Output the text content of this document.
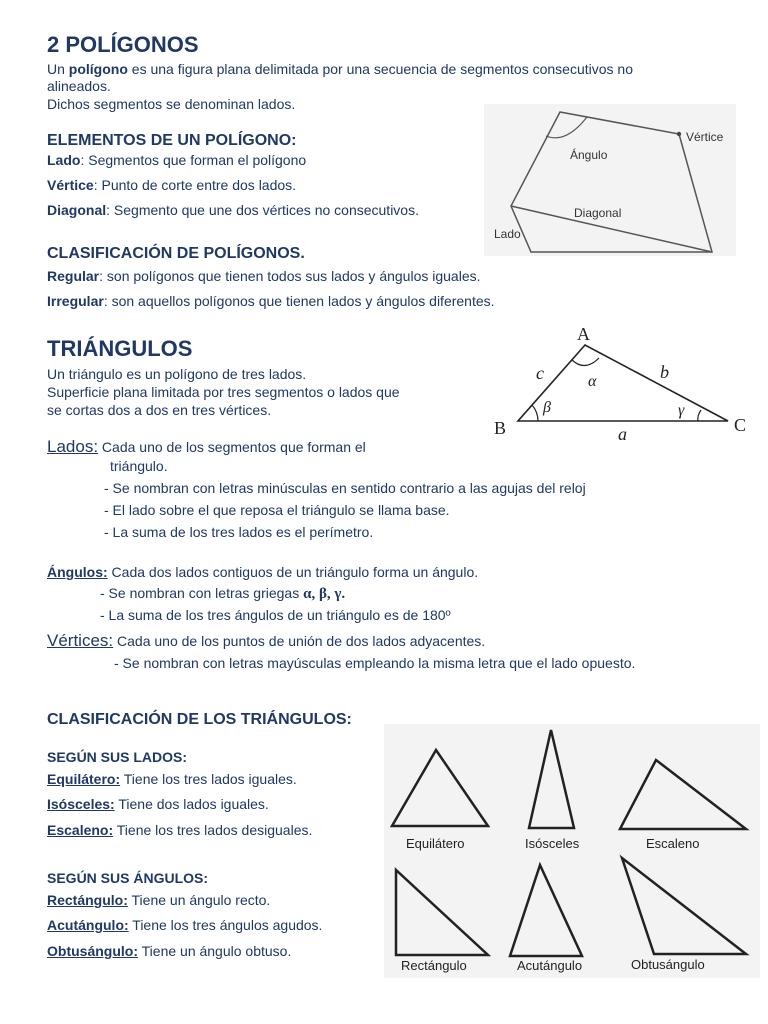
2 POLÍGONOS
Un polígono es una figura plana delimitada por una secuencia de segmentos consecutivos no
alineados.
Dichos segmentos se denominan lados.
ELEMENTOS DE UN POLÍGONO:
Lado: Segmentos que forman el polígono
Vértice: Punto de corte entre dos lados.
Diagonal: Segmento que une dos vértices no consecutivos.
Ángulo
Vértice
Diagonal
Lado
CLASIFICACIÓN DE POLÍGONOS.
Regular: son polígonos que tienen todos sus lados y ángulos iguales.
Irregular: son aquellos polígonos que tienen lados y ángulos diferentes.
TRIÁNGULOS
Un triángulo es un polígono de tres lados.
Superficie plana limitada por tres segmentos o lados que
se cortas dos a dos en tres vértices.
A
B	C
a
b
c	α
β	γ
Lados: Cada uno de los segmentos que forman el
triángulo.
- Se nombran con letras minúsculas en sentido contrario a las agujas del reloj
- El lado sobre el que reposa el triángulo se llama base.
- La suma de los tres lados es el perímetro.
Ángulos: Cada dos lados contiguos de un triángulo forma un ángulo.
- Se nombran con letras griegas α, β, γ.
- La suma de los tres ángulos de un triángulo es de 180º
Vértices: Cada uno de los puntos de unión de dos lados adyacentes.
- Se nombran con letras mayúsculas empleando la misma letra que el lado opuesto.
CLASIFICACIÓN DE LOS TRIÁNGULOS:
SEGÚN SUS LADOS:
Equilátero: Tiene los tres lados iguales.
Isósceles: Tiene dos lados iguales.
Escaleno: Tiene los tres lados desiguales.
SEGÚN SUS ÁNGULOS:
Rectángulo: Tiene un ángulo recto.
Acutángulo: Tiene los tres ángulos agudos.
Obtusángulo: Tiene un ángulo obtuso.
Equilátero	Isósceles	Escaleno
Rectángulo	Acutángulo	Obtusángulo
